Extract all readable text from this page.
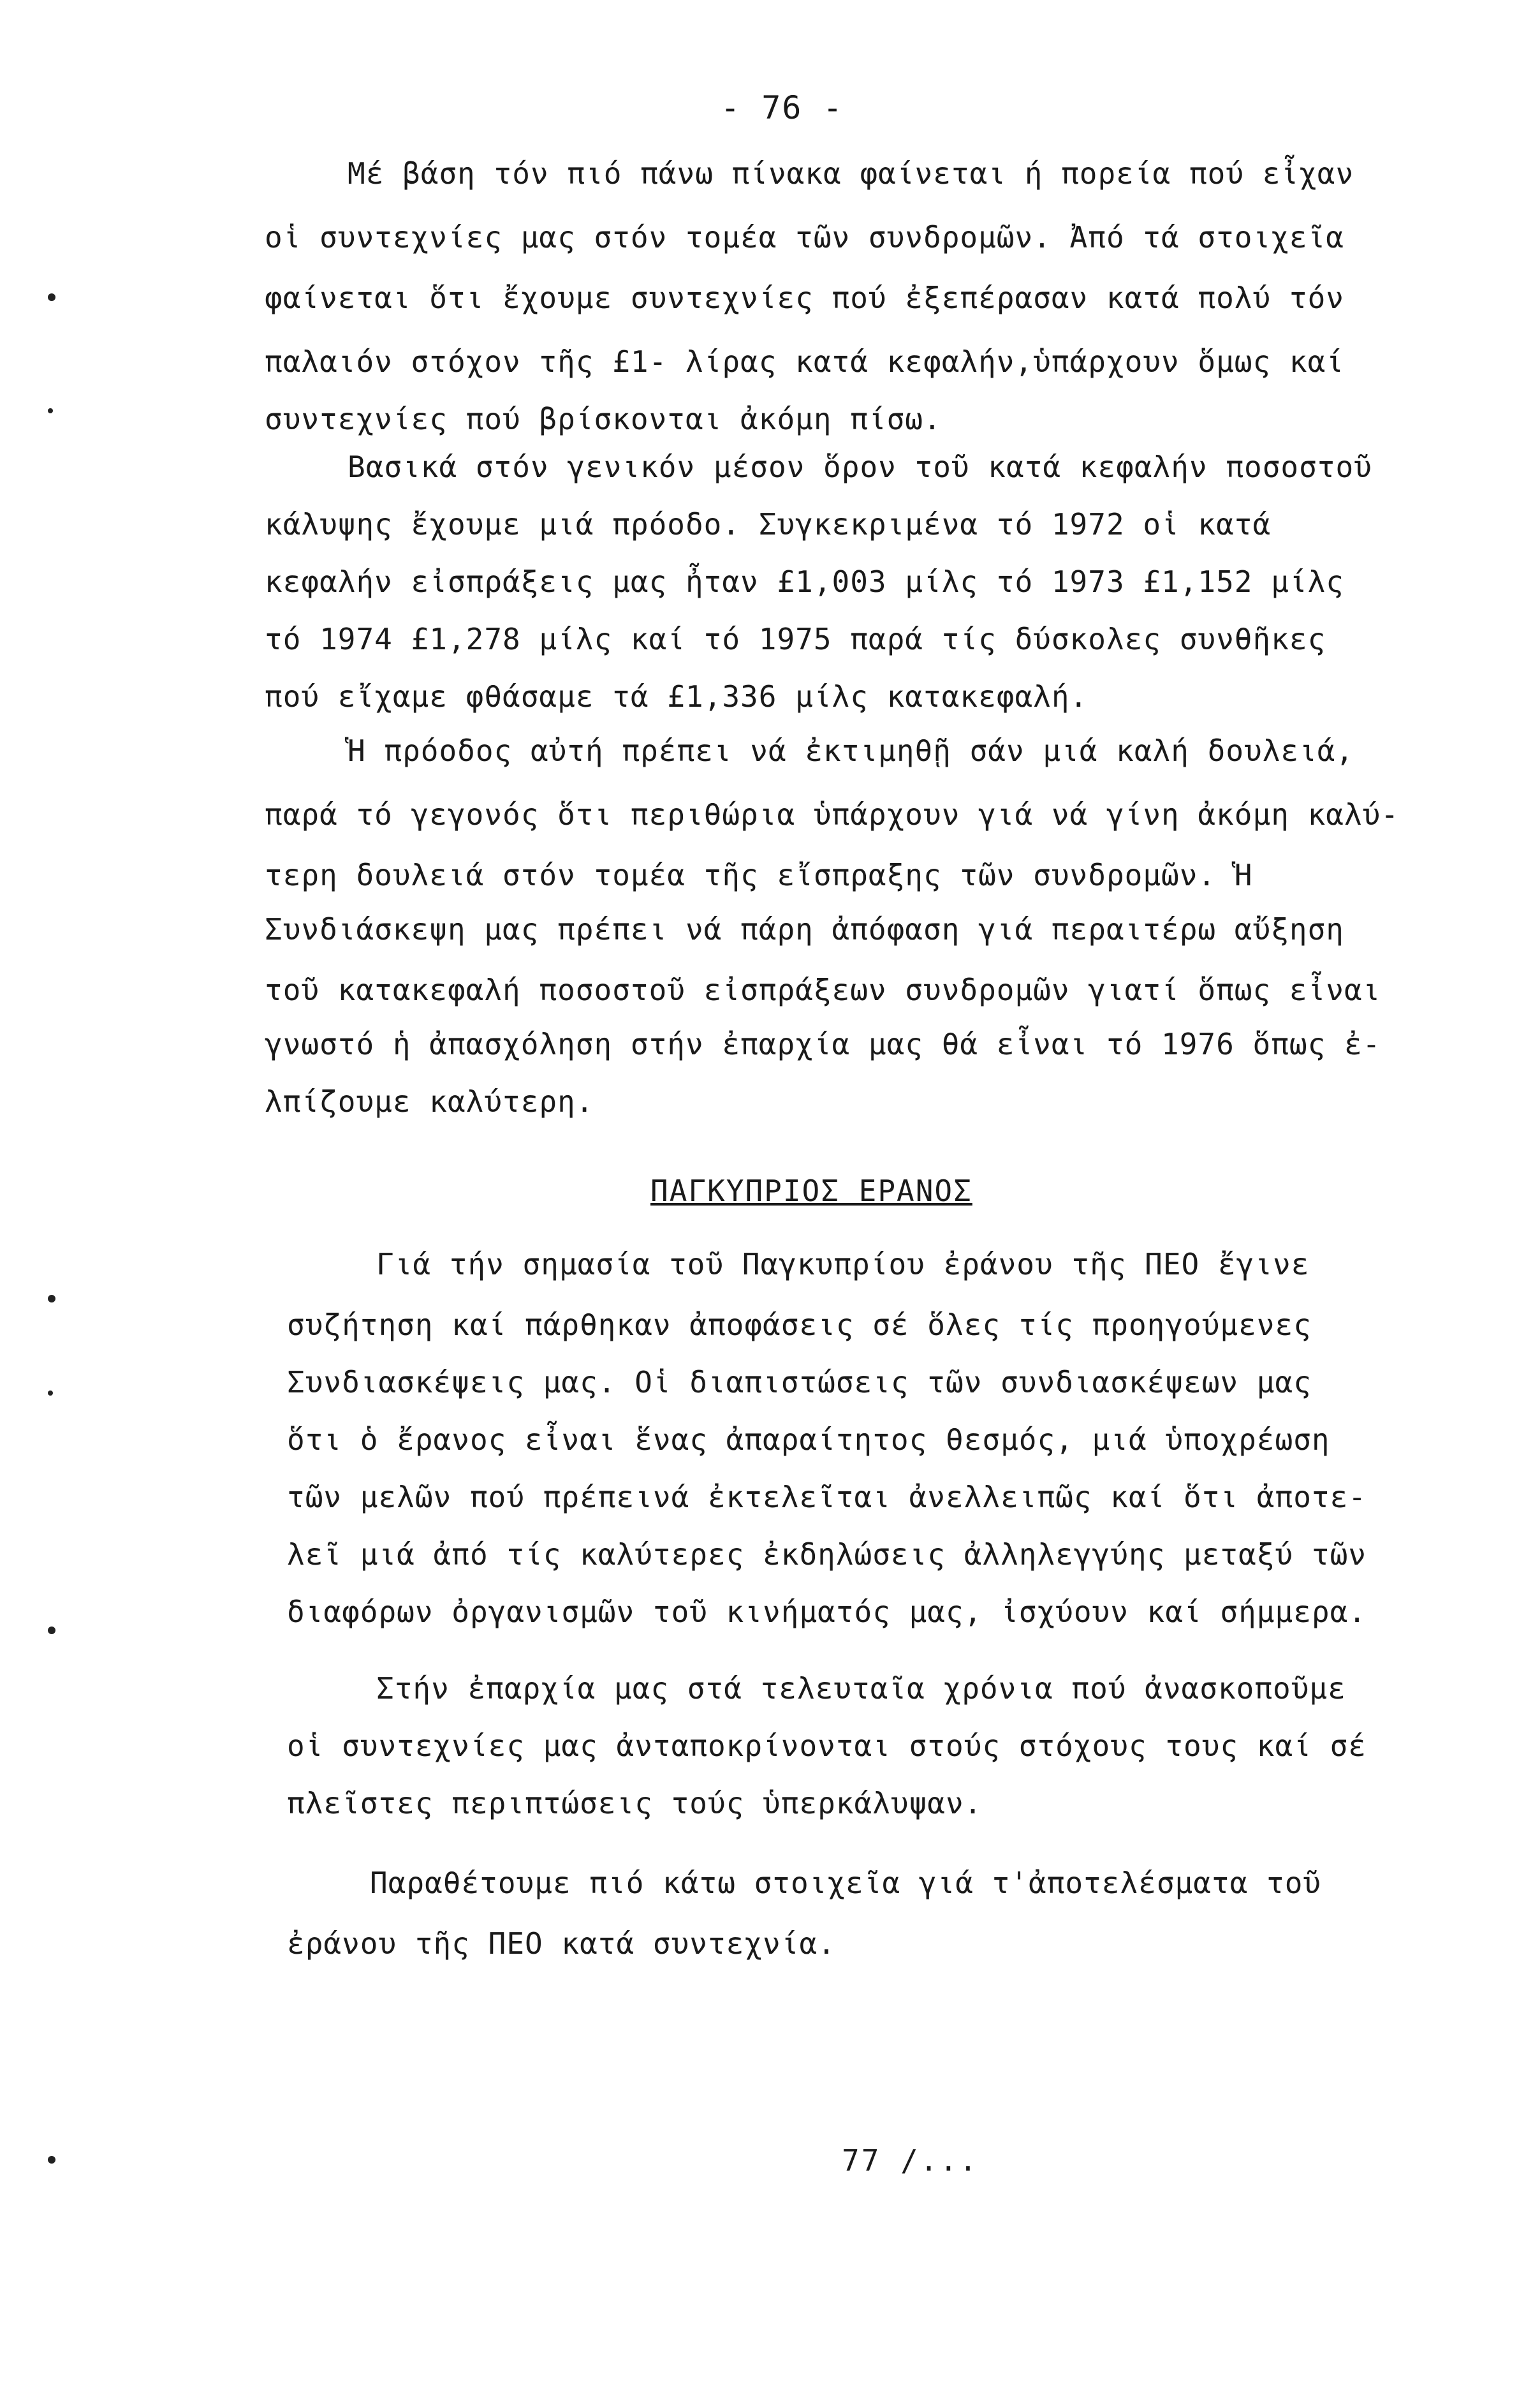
- 76 -
Μέ βάση τόν πιό πάνω πίνακα φαίνεται ή πορεία πού εἶχαν
οἱ συντεχνίες μας στόν τομέα τῶν συνδρομῶν. Ἀπό τά στοιχεῖα
φαίνεται ὅτι ἔχουμε συντεχνίες πού ἐξεπέρασαν κατά πολύ τόν
παλαιόν στόχον τῆς £1- λίρας κατά κεφαλήν,ὑπάρχουν ὅμως καί
συντεχνίες πού βρίσκονται ἀκόμη πίσω.
Βασικά στόν γενικόν μέσον ὅρον τοῦ κατά κεφαλήν ποσοστοῦ
κάλυψης ἔχουμε μιά πρόοδο. Συγκεκριμένα τό 1972 οἱ κατά
κεφαλήν εἰσπράξεις μας ἦταν £1,003 μίλς τό 1973 £1,152 μίλς
τό 1974 £1,278 μίλς καί τό 1975 παρά τίς δύσκολες συνθῆκες
πού εἴχαμε φθάσαμε τά £1,336 μίλς κατακεφαλή.
Ἡ πρόοδος αὐτή πρέπει νά ἐκτιμηθῇ σάν μιά καλή δουλειά,
παρά τό γεγονός ὅτι περιθώρια ὑπάρχουν γιά νά γίνη ἀκόμη καλύ-
τερη δουλειά στόν τομέα τῆς εἴσπραξης τῶν συνδρομῶν. Ἡ
Συνδιάσκεψη μας πρέπει νά πάρη ἀπόφαση γιά περαιτέρω αὔξηση
τοῦ κατακεφαλή ποσοστοῦ εἰσπράξεων συνδρομῶν γιατί ὅπως εἶναι
γνωστό ἡ ἀπασχόληση στήν ἐπαρχία μας θά εἶναι τό 1976 ὅπως ἐ-
λπίζουμε καλύτερη.
ΠΑΓΚΥΠΡΙΟΣ ΕΡΑΝΟΣ
Γιά τήν σημασία τοῦ Παγκυπρίου ἐράνου τῆς ΠΕΟ ἔγινε
συζήτηση καί πάρθηκαν ἀποφάσεις σέ ὅλες τίς προηγούμενες
Συνδιασκέψεις μας. Οἱ διαπιστώσεις τῶν συνδιασκέψεων μας
ὅτι ὁ ἔρανος εἶναι ἕνας ἀπαραίτητος θεσμός, μιά ὑποχρέωση
τῶν μελῶν πού πρέπεινά ἐκτελεῖται ἀνελλειπῶς καί ὅτι ἀποτε-
λεῖ μιά ἀπό τίς καλύτερες ἐκδηλώσεις ἀλληλεγγύης μεταξύ τῶν
διαφόρων ὀργανισμῶν τοῦ κινήματός μας, ἰσχύουν καί σήμμερα.
Στήν ἐπαρχία μας στά τελευταῖα χρόνια πού ἀνασκοποῦμε
οἱ συντεχνίες μας ἀνταποκρίνονται στούς στόχους τους καί σέ
πλεῖστες περιπτώσεις τούς ὑπερκάλυψαν.
Παραθέτουμε πιό κάτω στοιχεῖα γιά τ'ἀποτελέσματα τοῦ
ἐράνου τῆς ΠΕΟ κατά συντεχνία.
77 /...
